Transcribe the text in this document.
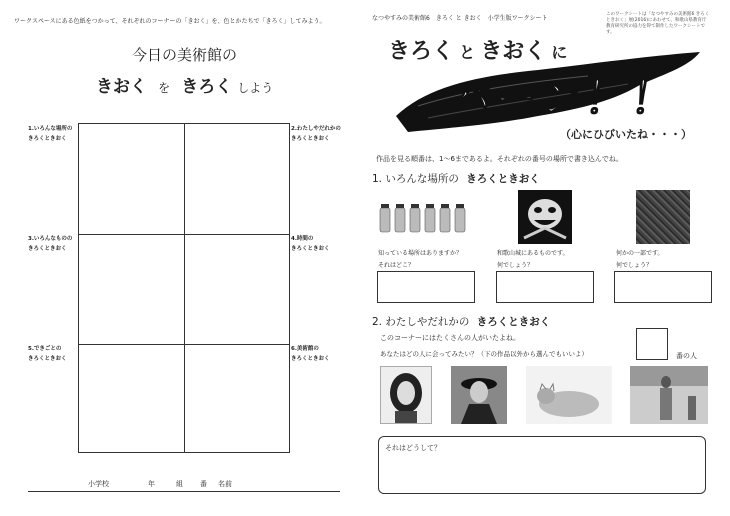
ワークスペースにある色紙をつかって、それぞれのコーナーの「きおく」を、色とかたちで「きろく」してみよう。
今日の美術館の
きおく を きろく しよう
1.いろんな場所の
きろくときおく
3.いろんなものの
きろくときおく
5.できごとの
きろくときおく
2.わたしやだれかの
きろくときおく
4.時間の
きろくときおく
6.美術館の
きろくときおく
小学校	年	組 番 名前
なつやすみの美術館6　きろく と きおく　小学生版ワークシート
このワークシートは「なつやすみの美術館6 きろくときおく」展(2016)にあわせて、和歌山県教育庁教育研究所の協力を得て制作したワークシートです。
きろく と きおく に
パーン！！
（心にひびいたね・・・）
作品を見る順番は、1～6まであるよ。それぞれの番号の場所で書き込んでね。
1. いろんな場所の きろくときおく
知っている場所はありますか？
それはどこ？
和歌山城にあるものです。
何でしょう？
何かの一部です。
何でしょう？
2. わたしやだれかの きろくときおく
このコーナーにはたくさんの人がいたよね。
あなたはどの人に会ってみたい？（下の作品以外から選んでもいいよ）	番の人
それはどうして？
